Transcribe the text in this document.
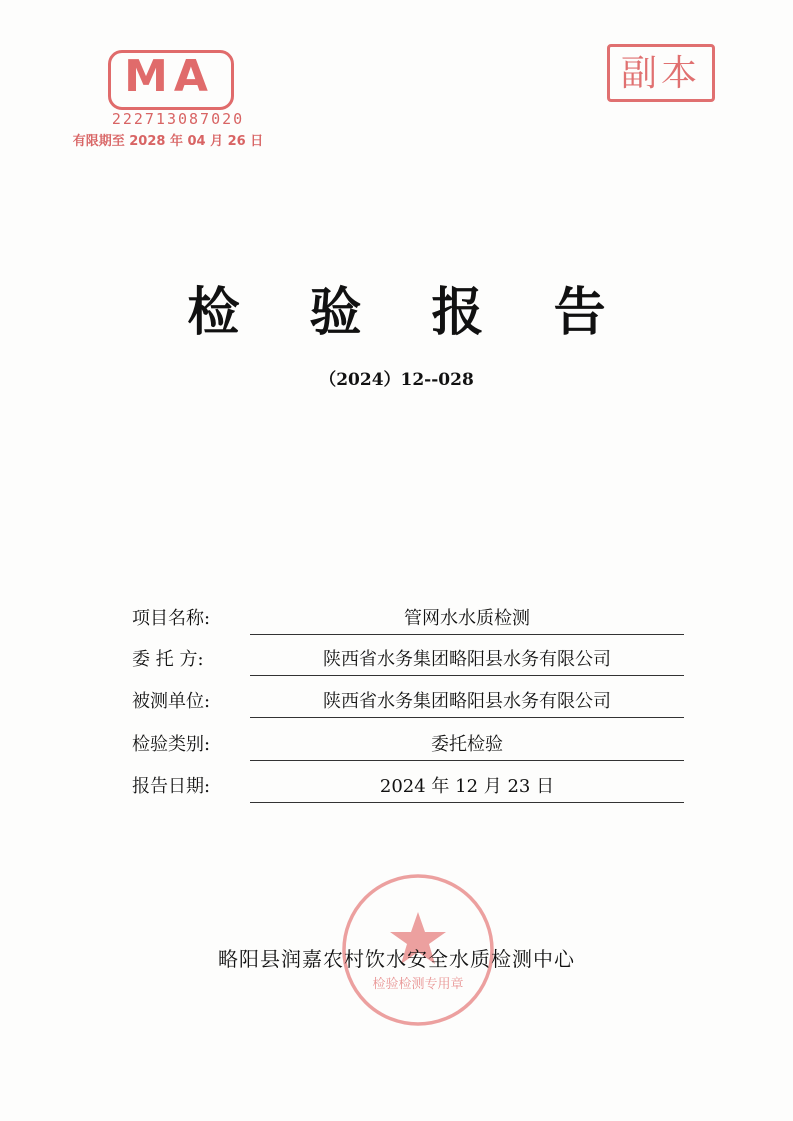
MA
222713087020
有限期至 2028 年 04 月 26 日
副本
检 验 报 告
（2024）12--028
项目名称:	管网水水质检测
委 托 方:	陕西省水务集团略阳县水务有限公司
被测单位:	陕西省水务集团略阳县水务有限公司
检验类别:	委托检验
报告日期:	2024 年 12 月 23 日
检验检测专用章
略阳县润嘉农村饮水安全水质检测中心
